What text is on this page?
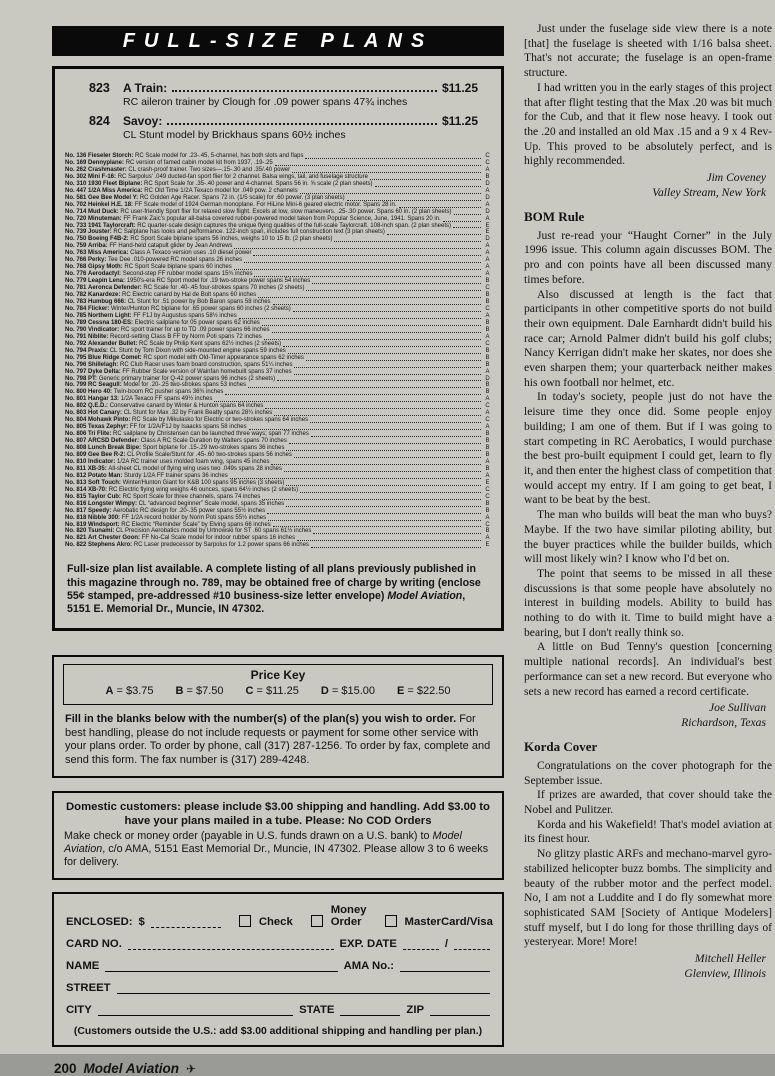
FULL-SIZE PLANS
823	A Train:	$11.25
RC aileron trainer by Clough for .09 power spans 47¾ inches
824	Savoy:	$11.25
CL Stunt model by Brickhaus spans 60½ inches
No. 136 Fieseler Storch: RC Scale model for .23-.45, 5-channel, has both slots and flaps	C
No. 169 Dennyplane: RC version of famed cabin model kit from 1937, .19-.25	C
No. 262 Crashmaster: CL crash-proof trainer. Two sizes—.15-.30 and .35/.40 power	A
No. 302 Mini F-16: RC Sarpolus' .049 ducted-fan sport flier for 2 channel. Balsa wings, tail, and fuselage structure	B
No. 310 1930 Fleet Biplane: RC Sport Scale for .35-.40 power and 4-channel. Spans 56 in. ⅝ scale (2 plan sheets)	D
No. 447 1/2A Miss America: RC Old Time 1/2A Texaco model for .049 pow. 2 channels	A
No. 581 Gee Bee Model Y: RC Golden Age Racer. Spans 72 in. (1/5 scale) for .60 power. (3 plan sheets)	D
No. 702 Heinkel H.E. 18: FF Scale model of 1924 German monoplane. For HiLine Mini-6 geared electric motor. Spans 28 in.	A
No. 714 Mud Duck: RC user-friendly Sport flier for relaxed slow flight. Excels at low, slow maneuvers. .25-.30 power. Spans 60 in. (2 plan sheets)	D
No. 720 Minuteman: FF Frank Zaic's popular all-balsa covered rubber-powered model taken from Popular Science, June, 1941. Spans 20 in.	A
No. 733 1941 Taylorcraft: RC quarter-scale design captures the unique flying qualities of the full-scale Taylorcraft. 108-inch span. (2 plan sheets)	E
No. 739 Jouster: RC Sailplane has looks and performance. 122-inch span, includes full construction text (3 plan sheets)	E
No. 750 Boeing F4B-2: RC Sport Scale biplane spans 56 inches, weighs 10 to 15 lb. (2 plan sheets)	D
No. 759 Arriba: FF Hand-held catapult glider by Jean Andrews	A
No. 763 Miss America: Class A Texaco version uses .10 diesel power	A
No. 766 Perky: Tee Dee .010-powered RC model spans 26 inches	A
No. 768 Gipsy Moth: RC Sport Scale biplane spans 60 inches	A
No. 776 Aerodactyl: Second-step FF rubber model spans 15¾ inches	A
No. 779 Leapin Lena: 1950's-era RC Sport model for .19 two-stroke power spans 54 inches	B
No. 781 Aeronca Defender: RC Scale for .40-.45 four-strokes spans 70 inches (2 sheets)	C
No. 782 Kanardeze: RC Electric canard by Hal de Bolt spans 60 inches	B
No. 783 Humbug 666: CL Stunt for .51 power by Bob Baron spans 58 inches	B
No. 784 Flicker: Winter/Hunton RC biplane for .65 power spans 60 inches (2 sheets)	C
No. 785 Northern Light: FF F1J by Augustus spans 58½ inches	A
No. 789 Cessna 180-ES: Electric sailplane for 05 power spans 62 inches	B
No. 790 Vindicator: RC sport trainer for up to TD .09 power spans 66 inches	B
No. 791 Niblite: Record-setting Class B FF by Norm Poti spans 72 inches	A
No. 792 Alexander Bullet: RC Scale by Philip Kent spans 62½ inches (2 sheets)	C
No. 794 Praxis: CL Stunt by Tom Dixon with side-mounted engine spans 59 inches	B
No. 795 Blue Ridge Comet: RC sport model with Old-Timer appearance spans 62 inches	B
No. 796 Shillelagh: RC Club Racer uses foam board construction, spans 51¼ inches	B
No. 797 Dyke Delta: FF Rubber Scale version of Wainfan homebuilt spans 37 inches	A
No. 798 PT: Generic primary trainer for Q-42 power spans 96 inches (2 sheets)	D
No. 799 RC Seagull: Model for .20-.25 two-strokes spans 53 inches	B
No. 800 Hero 40: Twin-boom RC pusher spans 36¾ inches	B
No. 801 Hangar 13: 1/2A Texaco FF spans 49½ inches	A
No. 802 Q.E.D.: Conservative canard by Winter & Hunton spans 64 inches	C
No. 803 Hot Canary: CL Stunt for Max .32 by Frank Beatty spans 28¼ inches	A
No. 804 Mohawk Pinto: RC Scale by Mikulasko for Electric or two-strokes spans 64 inches	C
No. 805 Texas Zephyr: FF for 1/2A/F1J by Isaacks spans 58 inches	A
No. 806 Tri Flite: RC sailplane by Christensen can be launched three ways; span 77 inches	B
No. 807 ARCSD Defender: Class A RC Scale Duration by Walters spans 70 inches	B
No. 808 Lunch Break Bipe: Sport biplane for .15-.29 two-strokes spans 36 inches	B
No. 809 Gee Bee R-2: CL Profile Scale/Stunt for .45-.60 two-strokes spans 56 inches	B
No. 810 Indicator: 1/2A RC trainer uses molded foam wing, spans 45 inches	A
No. 811 XB-35: All-sheet CL model of flying wing uses two .049s spans 28 inches	B
No. 812 Potato Man: Sturdy 1/2A FF trainer spans 36 inches	A
No. 813 Soft Touch: Winter/Hunton Giant for K&B 100 spans 95 inches (3 sheets)	E
No. 814 XB-70: RC Electric flying wing weighs 46 ounces, spans 64½ inches (2 sheets)	C
No. 815 Taylor Cub: RC Sport Scale for three channels, spans 74 inches	C
No. 816 Longster Wimpy: CL “advanced beginner” Scale model, spans 35 inches	B
No. 817 Speedy: Aerobatic RC design for .20-.35 power spans 55½ inches	B
No. 818 Nibble 300: FF 1/2A record holder by Norm Poti spans 55½ inches	A
No. 819 Windsport: RC Electric “Reminder Scale” by Elving spans 66 inches	C
No. 820 Tsunami: CL Precision Aerobatics model by Urtnowski for ST .60 spans 61½ inches	B
No. 821 Art Chester Goon: FF No-Cal Scale model for indoor rubber spans 16 inches	A
No. 822 Stephens Akro: RC Laser predecessor by Sarpolus for 1.2 power spans 66 inches	E

Full-size plan list available. A complete listing of all plans previously published in this magazine through no. 789, may be obtained free of charge by writing (enclose 55¢ stamped, pre-addressed #10 business-size letter envelope) Model Aviation, 5151 E. Memorial Dr., Muncie, IN 47302.

Price Key
A = $3.75 B = $7.50 C = $11.25 D = $15.00 E = $22.50

Fill in the blanks below with the number(s) of the plan(s) you wish to order. For best handling, please do not include requests or payment for some other service with your plans order. To order by phone, call (317) 287-1256. To order by fax, complete and send this form. The fax number is (317) 289-4248.

Domestic customers: please include $3.00 shipping and handling. Add $3.00 to have your plans mailed in a tube. Please: No COD Orders
Make check or money order (payable in U.S. funds drawn on a U.S. bank) to Model Aviation, c/o AMA, 5151 East Memorial Dr., Muncie, IN 47302. Please allow 3 to 6 weeks for delivery.
ENCLOSED: $	Check
Money Order	MasterCard/Visa
CARD NO.	EXP. DATE	/
NAME	AMA No.:
STREET
CITY	STATE	ZIP
(Customers outside the U.S.: add $3.00 additional shipping and handling per plan.)
200 Model Aviation ✈

Just under the fuselage side view there is a note [that] the fuselage is sheeted with 1/16 balsa sheet. That's not accurate; the fuselage is an open-frame structure.

I had written you in the early stages of this project that after flight testing that the Max .20 was bit much for the Cub, and that it flew nose heavy. I took out the .20 and installed an old Max .15 and a 9 x 4 Rev-Up. This proved to be absolutely perfect, and is highly recommended.

Jim Coveney
Valley Stream, New York
BOM Rule

Just re-read your “Haught Corner” in the July 1996 issue. This column again discusses BOM. The pro and con points have all been discussed many times before.

Also discussed at length is the fact that participants in other competitive sports do not build their own equipment. Dale Earnhardt didn't build his race car; Arnold Palmer didn't build his golf clubs; Nancy Kerrigan didn't make her skates, nor does she even sharpen them; your quarterback neither makes his own football nor helmet, etc.

In today's society, people just do not have the leisure time they once did. Some people enjoy building; I am one of them. But if I was going to start competing in RC Aerobatics, I would purchase the best pro-built equipment I could get, learn to fly it, and then enter the highest class of competition that would accept my entry. If I am going to get beat, I want to be beat by the best.

The man who builds will beat the man who buys? Maybe. If the two have similar piloting ability, but the buyer practices while the builder builds, which will most likely win? I know who I'd bet on.

The point that seems to be missed in all these discussions is that some people have absolutely no interest in building models. Ability to build has nothing to do with it. Time to build might have a bearing, but I don't really think so.

A little on Bud Tenny's question [concerning multiple national records]. An individual's best performance can set a new record. But everyone who sets a new record has earned a record certificate.

Joe Sullivan
Richardson, Texas
Korda Cover

Congratulations on the cover photograph for the September issue.

If prizes are awarded, that cover should take the Nobel and Pulitzer.

Korda and his Wakefield! That's model aviation at its finest hour.

No glitzy plastic ARFs and mechano-marvel gyro-stabilized helicopter buzz bombs. The simplicity and beauty of the rubber motor and the perfect model. No, I am not a Luddite and I do fly somewhat more sophisticated SAM [Society of Antique Modelers] stuff myself, but I do long for those thrilling days of yesteryear. More! More!

Mitchell Heller
Glenview, Illinois
